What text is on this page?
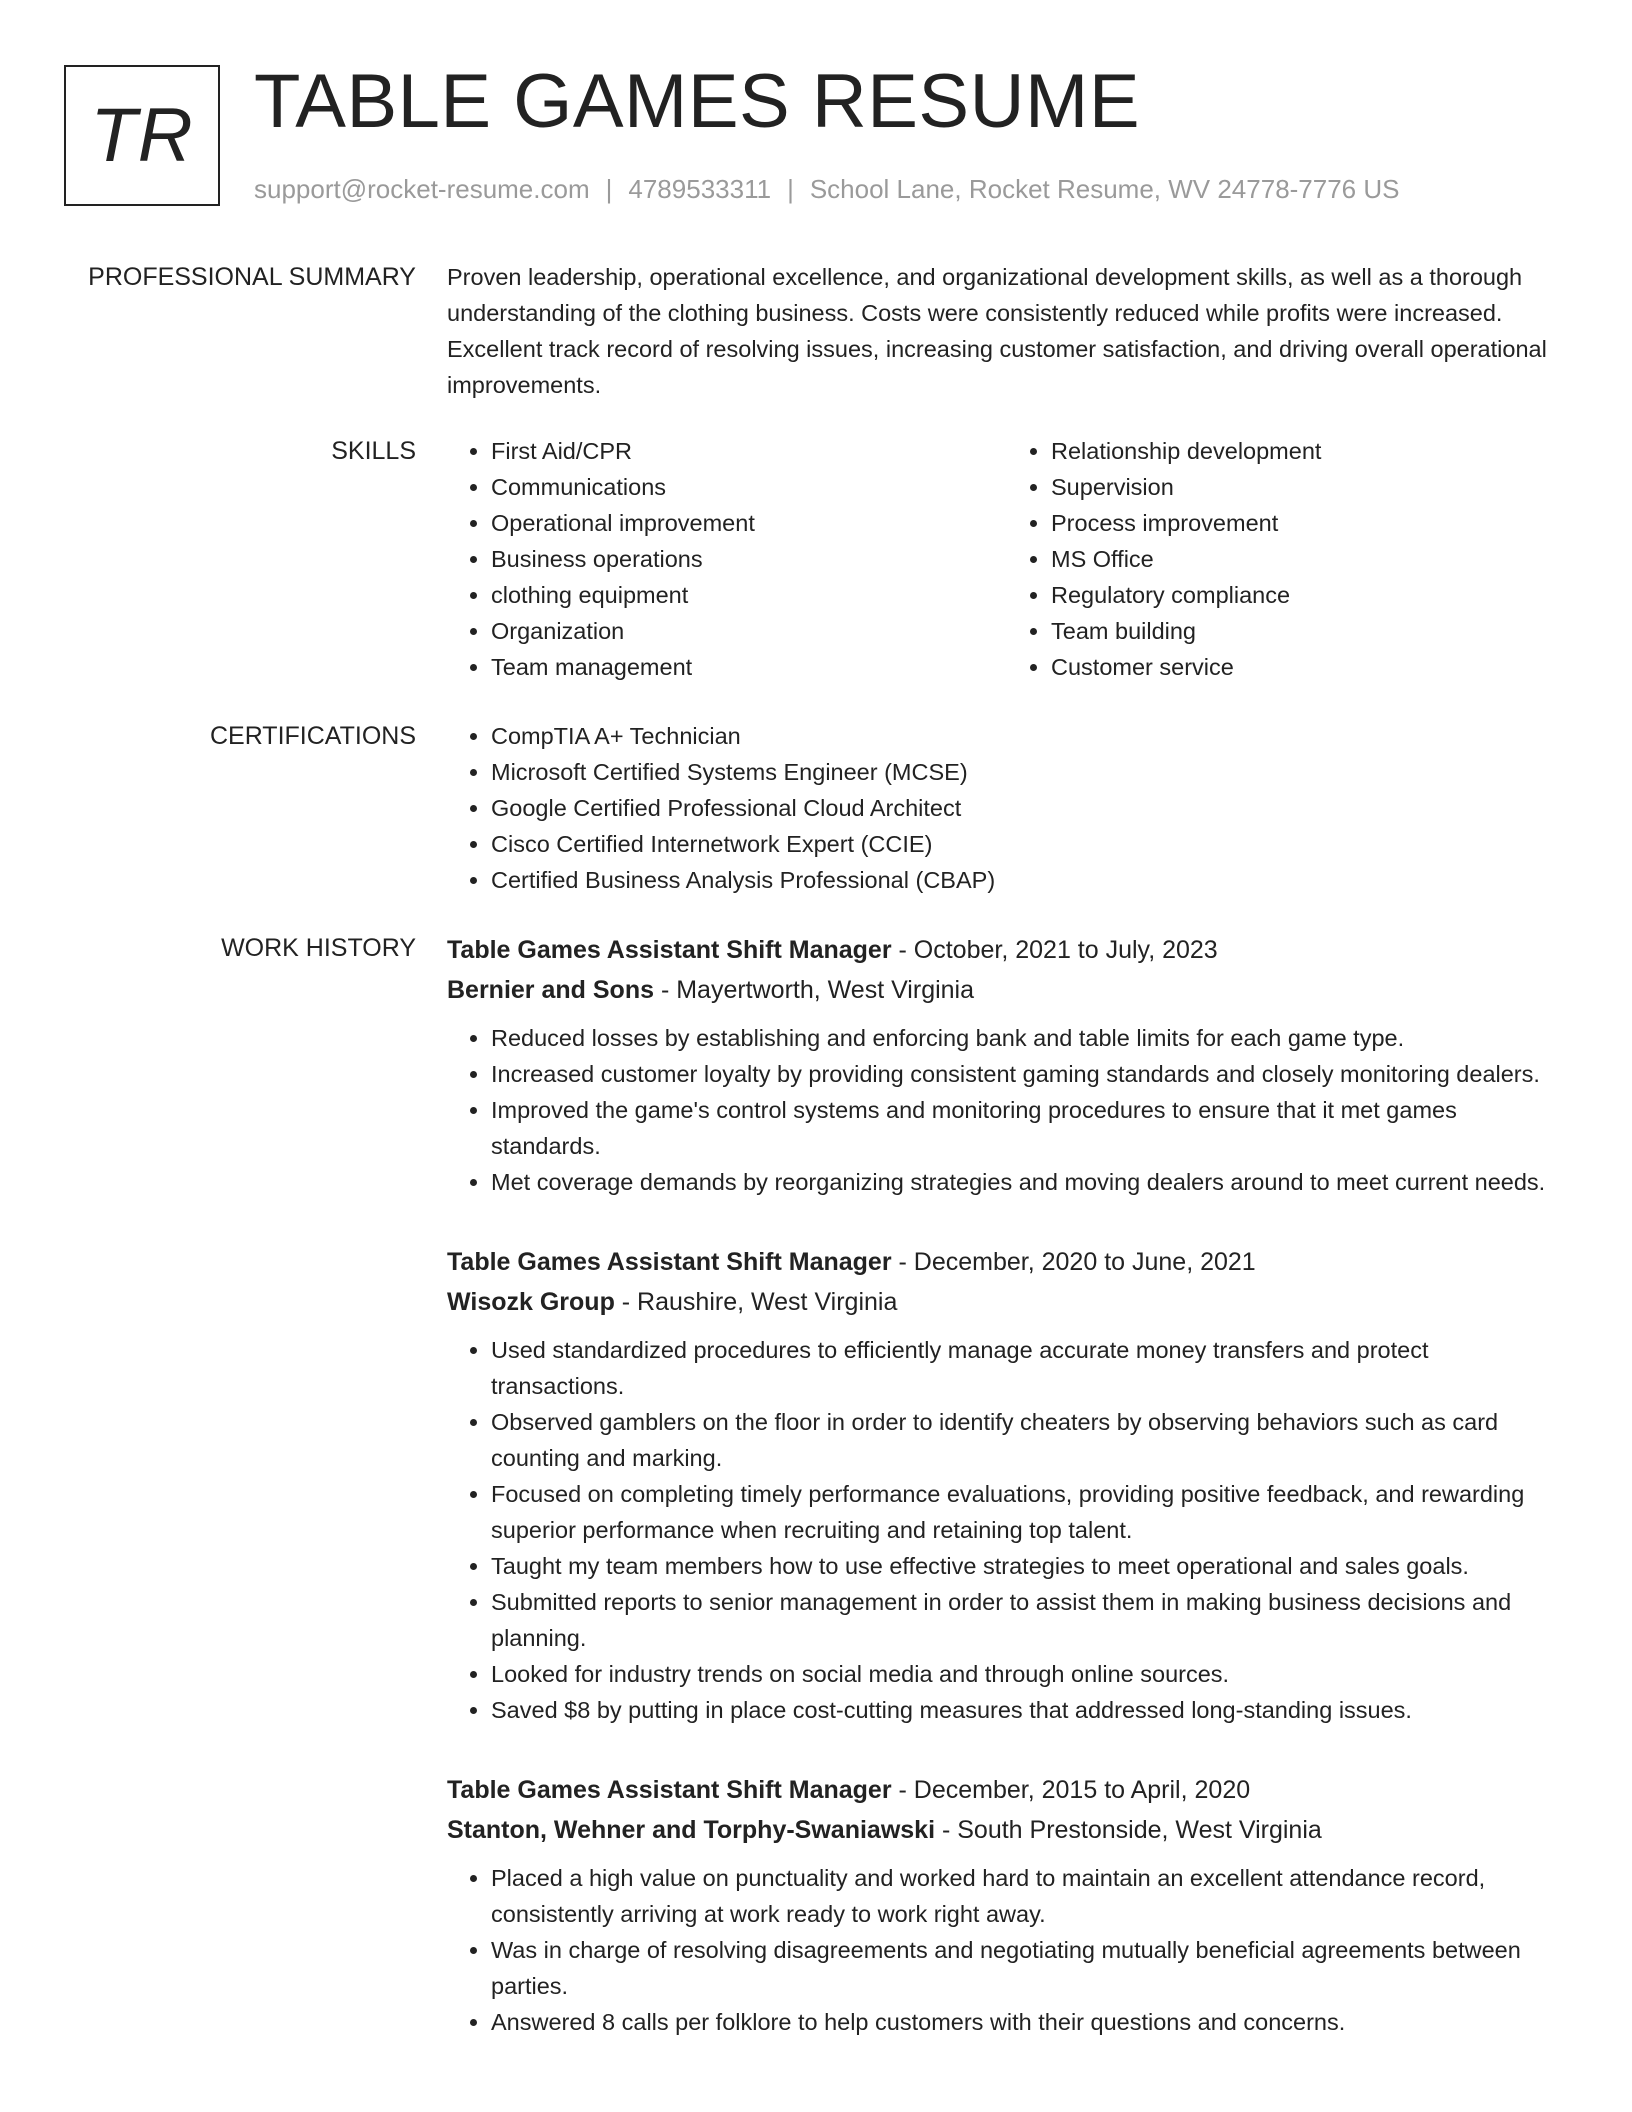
TR TABLE GAMES RESUME
support@rocket-resume.com | 4789533311 | School Lane, Rocket Resume, WV 24778-7776 US
PROFESSIONAL SUMMARY Proven leadership, operational excellence, and organizational development skills, as well as a thorough understanding of the clothing business. Costs were consistently reduced while profits were increased. Excellent track record of resolving issues, increasing customer satisfaction, and driving overall operational improvements.
SKILLS	• First Aid/CPR
• Communications
• Operational improvement
• Business operations
• clothing equipment
• Organization
• Team management
• Relationship development
• Supervision
• Process improvement
• MS Office
• Regulatory compliance
• Team building
• Customer service
CERTIFICATIONS	• CompTIA A+ Technician
• Microsoft Certified Systems Engineer (MCSE)
• Google Certified Professional Cloud Architect
• Cisco Certified Internetwork Expert (CCIE)
• Certified Business Analysis Professional (CBAP)
WORK HISTORY Table Games Assistant Shift Manager - October, 2021 to July, 2023
Bernier and Sons - Mayertworth, West Virginia
• Reduced losses by establishing and enforcing bank and table limits for each game type.
• Increased customer loyalty by providing consistent gaming standards and closely monitoring dealers.
• Improved the game's control systems and monitoring procedures to ensure that it met games standards.
• Met coverage demands by reorganizing strategies and moving dealers around to meet current needs.
Table Games Assistant Shift Manager - December, 2020 to June, 2021
Wisozk Group - Raushire, West Virginia
• Used standardized procedures to efficiently manage accurate money transfers and protect transactions.
• Observed gamblers on the floor in order to identify cheaters by observing behaviors such as card counting and marking.
• Focused on completing timely performance evaluations, providing positive feedback, and rewarding superior performance when recruiting and retaining top talent.
• Taught my team members how to use effective strategies to meet operational and sales goals.
• Submitted reports to senior management in order to assist them in making business decisions and planning.
• Looked for industry trends on social media and through online sources.
• Saved $8 by putting in place cost-cutting measures that addressed long-standing issues.
Table Games Assistant Shift Manager - December, 2015 to April, 2020
Stanton, Wehner and Torphy-Swaniawski - South Prestonside, West Virginia
• Placed a high value on punctuality and worked hard to maintain an excellent attendance record, consistently arriving at work ready to work right away.
• Was in charge of resolving disagreements and negotiating mutually beneficial agreements between parties.
• Answered 8 calls per folklore to help customers with their questions and concerns.
